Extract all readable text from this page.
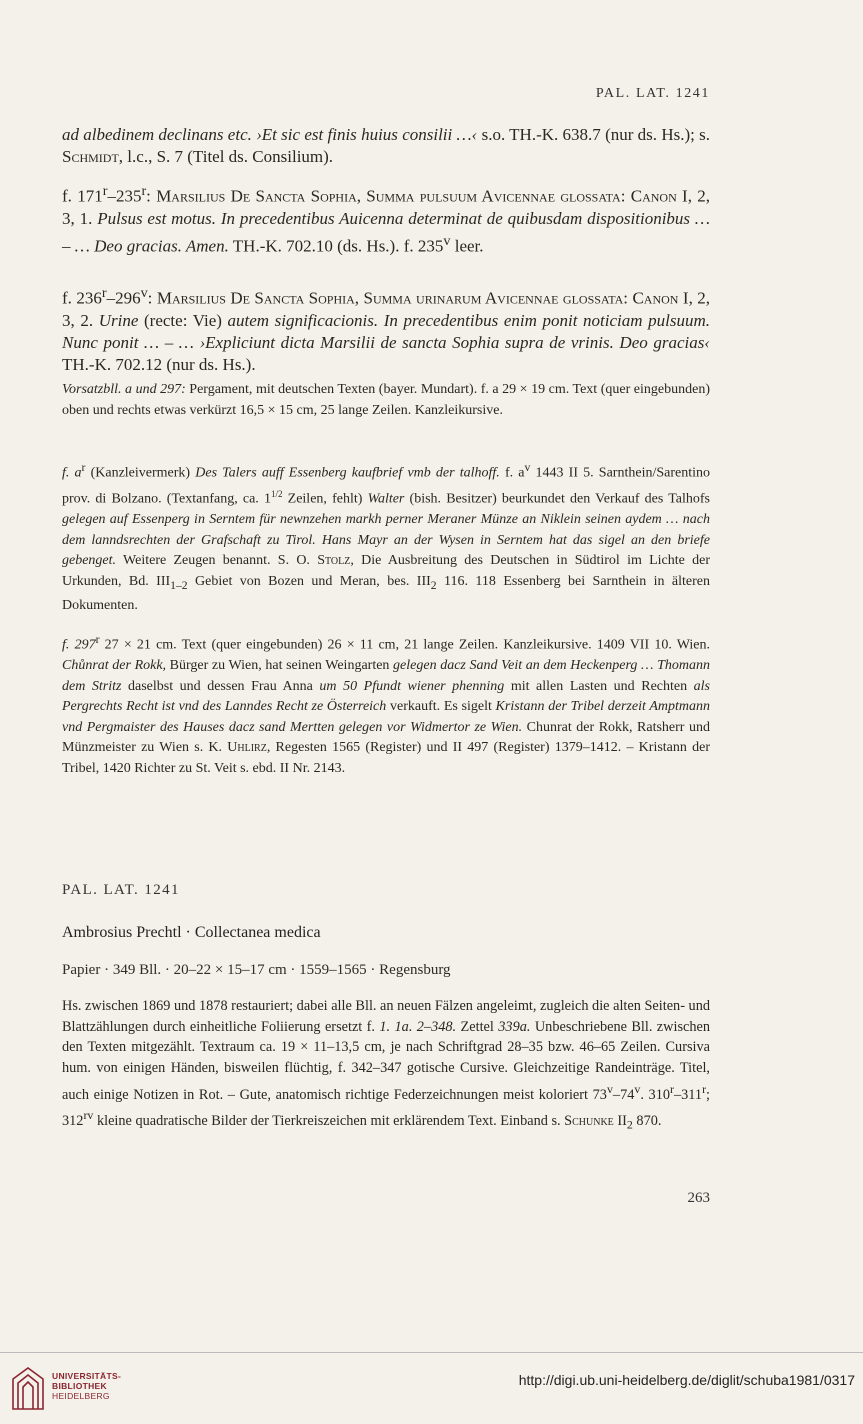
PAL. LAT. 1241

ad albedinem declinans etc. ›Et sic est finis huius consilii …‹ s.o. TH.-K. 638.7 (nur ds. Hs.); s. Schmidt, l.c., S. 7 (Titel ds. Consilium).

f. 171$^r$–235$^r$: Marsilius De Sancta Sophia, Summa pulsuum Avicennae glossata: Canon I, 2, 3, 1. Pulsus est motus. In precedentibus Auicenna determinat de quibusdam dispositionibus … – … Deo gracias. Amen. TH.-K. 702.10 (ds. Hs.). f. 235$^v$ leer.

f. 236$^r$–296$^v$: Marsilius De Sancta Sophia, Summa urinarum Avicennae glossata: Canon I, 2, 3, 2. Urine (recte: Vie) autem significacionis. In precedentibus enim ponit noticiam pulsuum. Nunc ponit … – … ›Expliciunt dicta Marsilii de sancta Sophia supra de vrinis. Deo gracias‹ TH.-K. 702.12 (nur ds. Hs.).

Vorsatzbll. a und 297: Pergament, mit deutschen Texten (bayer. Mundart). f. a 29 × 19 cm. Text (quer eingebunden) oben und rechts etwas verkürzt 16,5 × 15 cm, 25 lange Zeilen. Kanzleikursive.

f. $a^r$ (Kanzleivermerk) Des Talers auff Essenberg kaufbrief vmb der talhoff. f. $a^v$ 1443 II 5. Sarnthein/Sarentino prov. di Bolzano. (Textanfang, ca. $1^{1/2}$ Zeilen, fehlt) Walter (bish. Besitzer) beurkundet den Verkauf des Talhofs gelegen auf Essenperg in Serntem für newnzehen markh perner Meraner Münze an Niklein seinen aydem … nach dem lanndsrechten der Grafschaft zu Tirol. Hans Mayr an der Wysen in Serntem hat das sigel an den briefe gebenget. Weitere Zeugen benannt. S. O. Stolz, Die Ausbreitung des Deutschen in Südtirol im Lichte der Urkunden, Bd. $III_{1-2}$ Gebiet von Bozen und Meran, bes. $III_2$ 116. 118 Essenberg bei Sarnthein in älteren Dokumenten.

f. 297$^r$ 27 × 21 cm. Text (quer eingebunden) 26 × 11 cm, 21 lange Zeilen. Kanzleikursive. 1409 VII 10. Wien. Chůnrat der Rokk, Bürger zu Wien, hat seinen Weingarten gelegen dacz Sand Veit an dem Heckenperg … Thomann dem Stritz daselbst und dessen Frau Anna um 50 Pfundt wiener phenning mit allen Lasten und Rechten als Pergrechts Recht ist vnd des Lanndes Recht ze Österreich verkauft. Es sigelt Kristann der Tribel derzeit Amptmann vnd Pergmaister des Hauses dacz sand Mertten gelegen vor Widmertor ze Wien. Chunrat der Rokk, Ratsherr und Münzmeister zu Wien s. K. Uhlirz, Regesten 1565 (Register) und II 497 (Register) 1379–1412. – Kristann der Tribel, 1420 Richter zu St. Veit s. ebd. II Nr. 2143.

PAL. LAT. 1241
Ambrosius Prechtl · Collectanea medica
Papier · 349 Bll. · 20–22 × 15–17 cm · 1559–1565 · Regensburg

Hs. zwischen 1869 und 1878 restauriert; dabei alle Bll. an neuen Fälzen angeleimt, zugleich die alten Seiten- und Blattzählungen durch einheitliche Foliierung ersetzt f. 1. 1a. 2–348. Zettel 339a. Unbeschriebene Bll. zwischen den Texten mitgezählt. Textraum ca. 19 × 11–13,5 cm, je nach Schriftgrad 28–35 bzw. 46–65 Zeilen. Cursiva hum. von einigen Händen, bisweilen flüchtig, f. 342–347 gotische Cursive. Gleichzeitige Randeinträge. Titel, auch einige Notizen in Rot. – Gute, anatomisch richtige Federzeichnungen meist koloriert 73$^v$–74$^v$. 310$^r$–311$^r$; $312^{rv}$ kleine quadratische Bilder der Tierkreiszeichen mit erklärendem Text. Einband s. Schunke $II_2$ 870.

263
UNIVERSITÄTS-
BIBLIOTHEK
HEIDELBERG
http://digi.ub.uni-heidelberg.de/diglit/schuba1981/0317
